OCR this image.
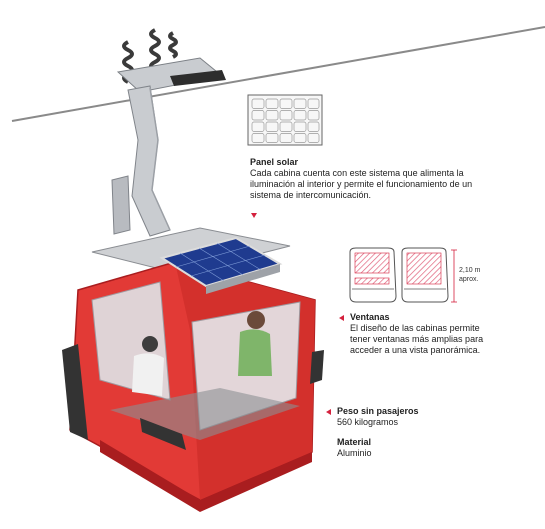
Panel solar
Cada cabina cuenta con este sistema que alimenta la iluminación al interior y permite el funcionamiento de un sistema de intercomunicación.
2,10 m
aprox.
Ventanas
El diseño de las cabinas permite tener ventanas más amplias para acceder a una vista panorámica.
Peso sin pasajeros
560 kilogramos
Material
Aluminio
